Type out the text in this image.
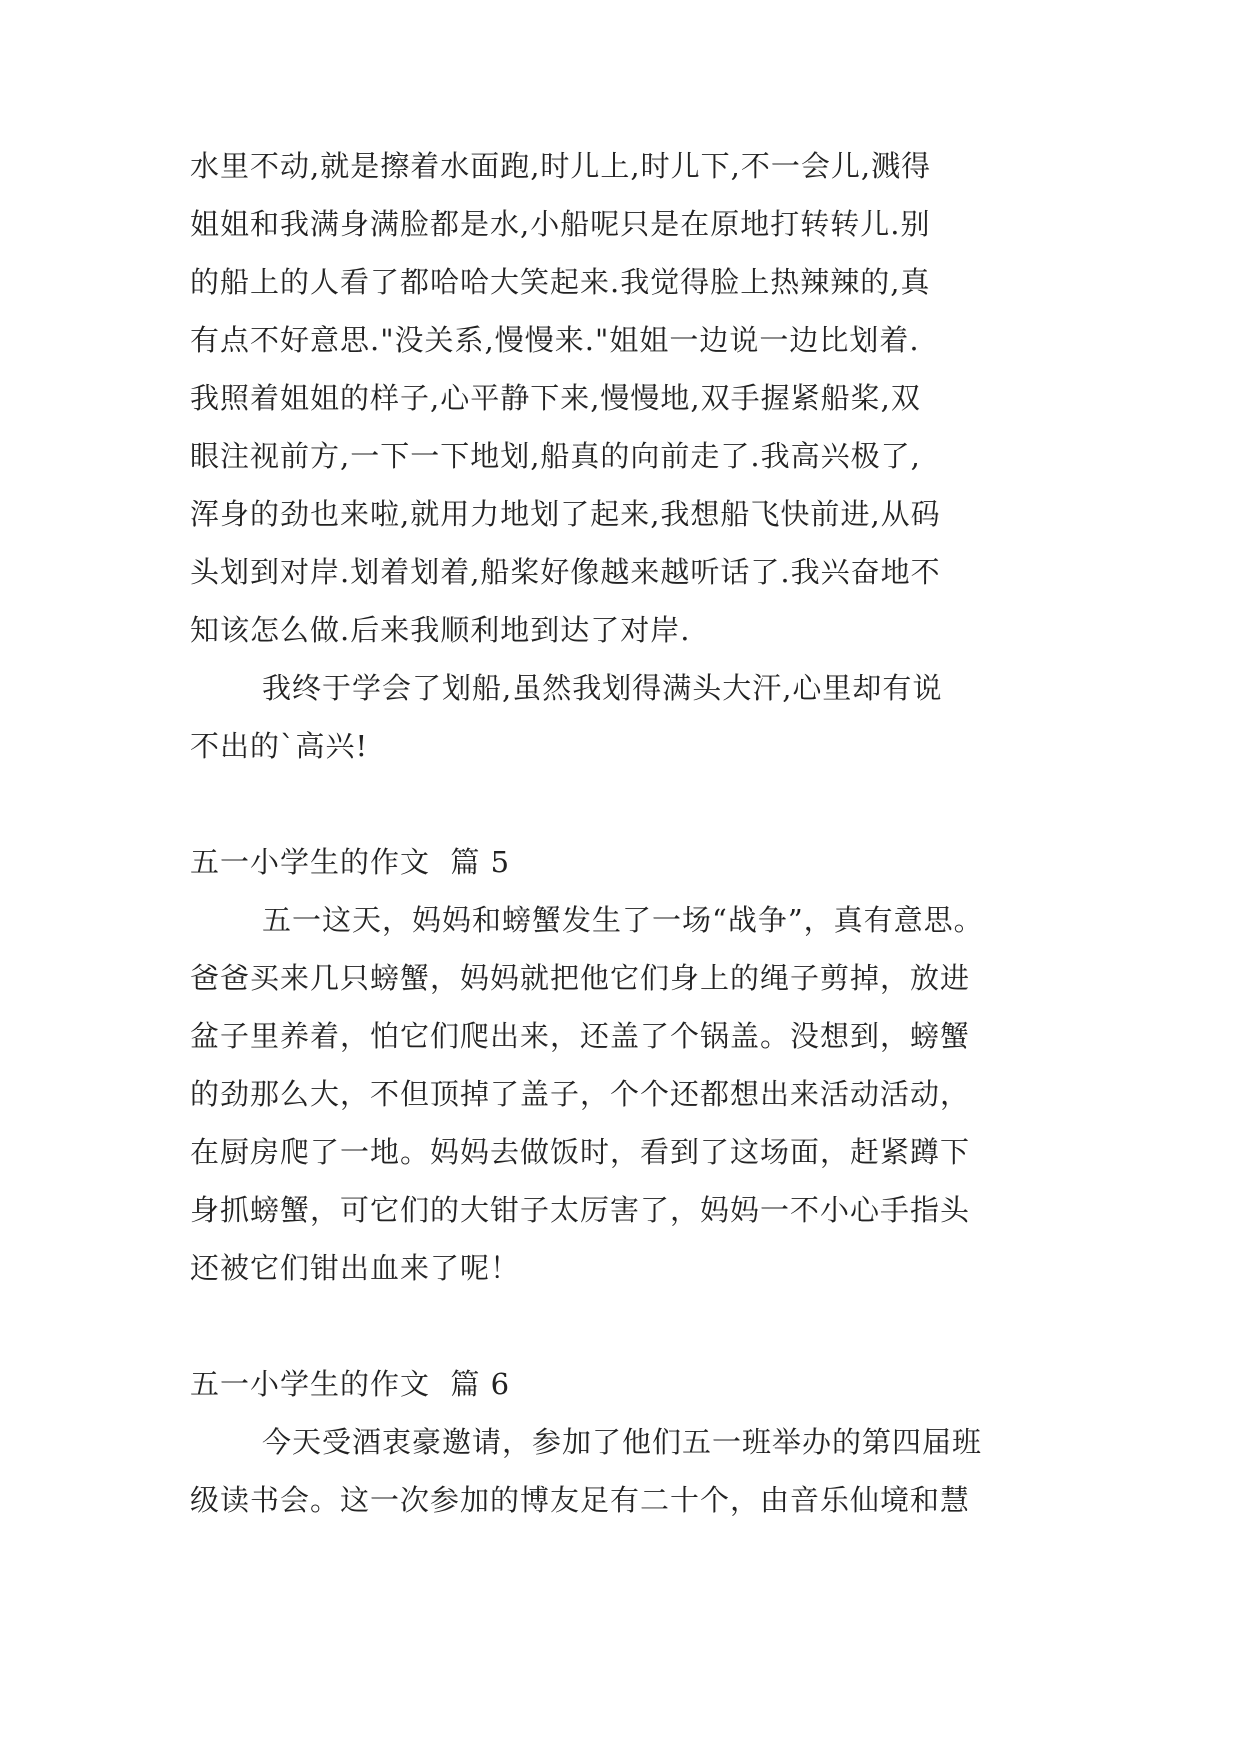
水里不动,就是擦着水面跑,时儿上,时儿下,不一会儿,溅得
姐姐和我满身满脸都是水,小船呢只是在原地打转转儿.别
的船上的人看了都哈哈大笑起来.我觉得脸上热辣辣的,真
有点不好意思."没关系,慢慢来."姐姐一边说一边比划着.
我照着姐姐的样子,心平静下来,慢慢地,双手握紧船桨,双
眼注视前方,一下一下地划,船真的向前走了.我高兴极了,
浑身的劲也来啦,就用力地划了起来,我想船飞快前进,从码
头划到对岸.划着划着,船桨好像越来越听话了.我兴奋地不
知该怎么做.后来我顺利地到达了对岸.
我终于学会了划船,虽然我划得满头大汗,心里却有说
不出的`高兴!
五一小学生的作文  篇 5
五一这天，妈妈和螃蟹发生了一场“战争”，真有意思。
爸爸买来几只螃蟹，妈妈就把他它们身上的绳子剪掉，放进
盆子里养着，怕它们爬出来，还盖了个锅盖。没想到，螃蟹
的劲那么大，不但顶掉了盖子，个个还都想出来活动活动，
在厨房爬了一地。妈妈去做饭时，看到了这场面，赶紧蹲下
身抓螃蟹，可它们的大钳子太厉害了，妈妈一不小心手指头
还被它们钳出血来了呢！
五一小学生的作文  篇 6
今天受酒衷豪邀请，参加了他们五一班举办的第四届班
级读书会。这一次参加的博友足有二十个，由音乐仙境和慧
